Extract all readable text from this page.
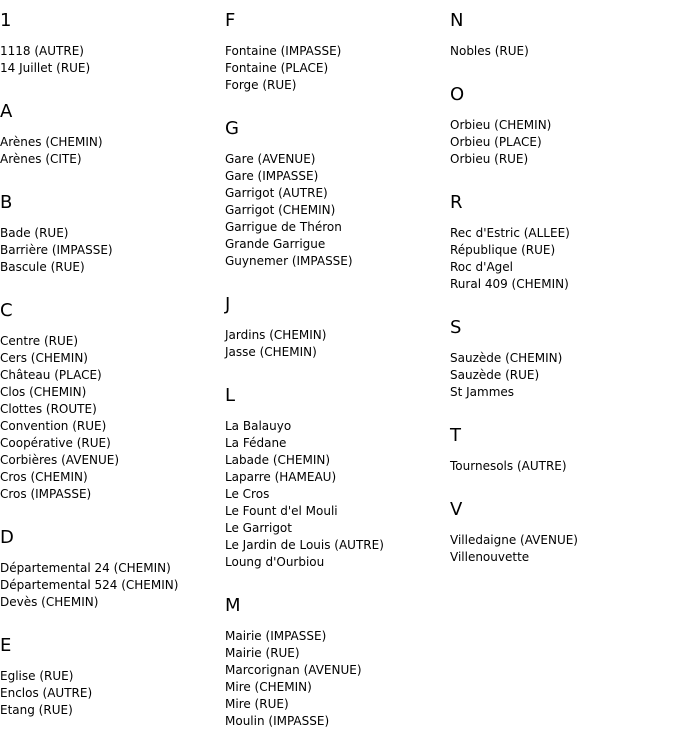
1
1118 (AUTRE)
14 Juillet (RUE)
A
Arènes (CHEMIN)
Arènes (CITE)
B
Bade (RUE)
Barrière (IMPASSE)
Bascule (RUE)
C
Centre (RUE)
Cers (CHEMIN)
Château (PLACE)
Clos (CHEMIN)
Clottes (ROUTE)
Convention (RUE)
Coopérative (RUE)
Corbières (AVENUE)
Cros (CHEMIN)
Cros (IMPASSE)
D
Départemental 24 (CHEMIN)
Départemental 524 (CHEMIN)
Devès (CHEMIN)
E
Eglise (RUE)
Enclos (AUTRE)
Etang (RUE)
F
Fontaine (IMPASSE)
Fontaine (PLACE)
Forge (RUE)
G
Gare (AVENUE)
Gare (IMPASSE)
Garrigot (AUTRE)
Garrigot (CHEMIN)
Garrigue de Théron
Grande Garrigue
Guynemer (IMPASSE)
J
Jardins (CHEMIN)
Jasse (CHEMIN)
L
La Balauyo
La Fédane
Labade (CHEMIN)
Laparre (HAMEAU)
Le Cros
Le Fount d'el Mouli
Le Garrigot
Le Jardin de Louis (AUTRE)
Loung d'Ourbiou
M
Mairie (IMPASSE)
Mairie (RUE)
Marcorignan (AVENUE)
Mire (CHEMIN)
Mire (RUE)
Moulin (IMPASSE)
N
Nobles (RUE)
O
Orbieu (CHEMIN)
Orbieu (PLACE)
Orbieu (RUE)
R
Rec d'Estric (ALLEE)
République (RUE)
Roc d'Agel
Rural 409 (CHEMIN)
S
Sauzède (CHEMIN)
Sauzède (RUE)
St Jammes
T
Tournesols (AUTRE)
V
Villedaigne (AVENUE)
Villenouvette
